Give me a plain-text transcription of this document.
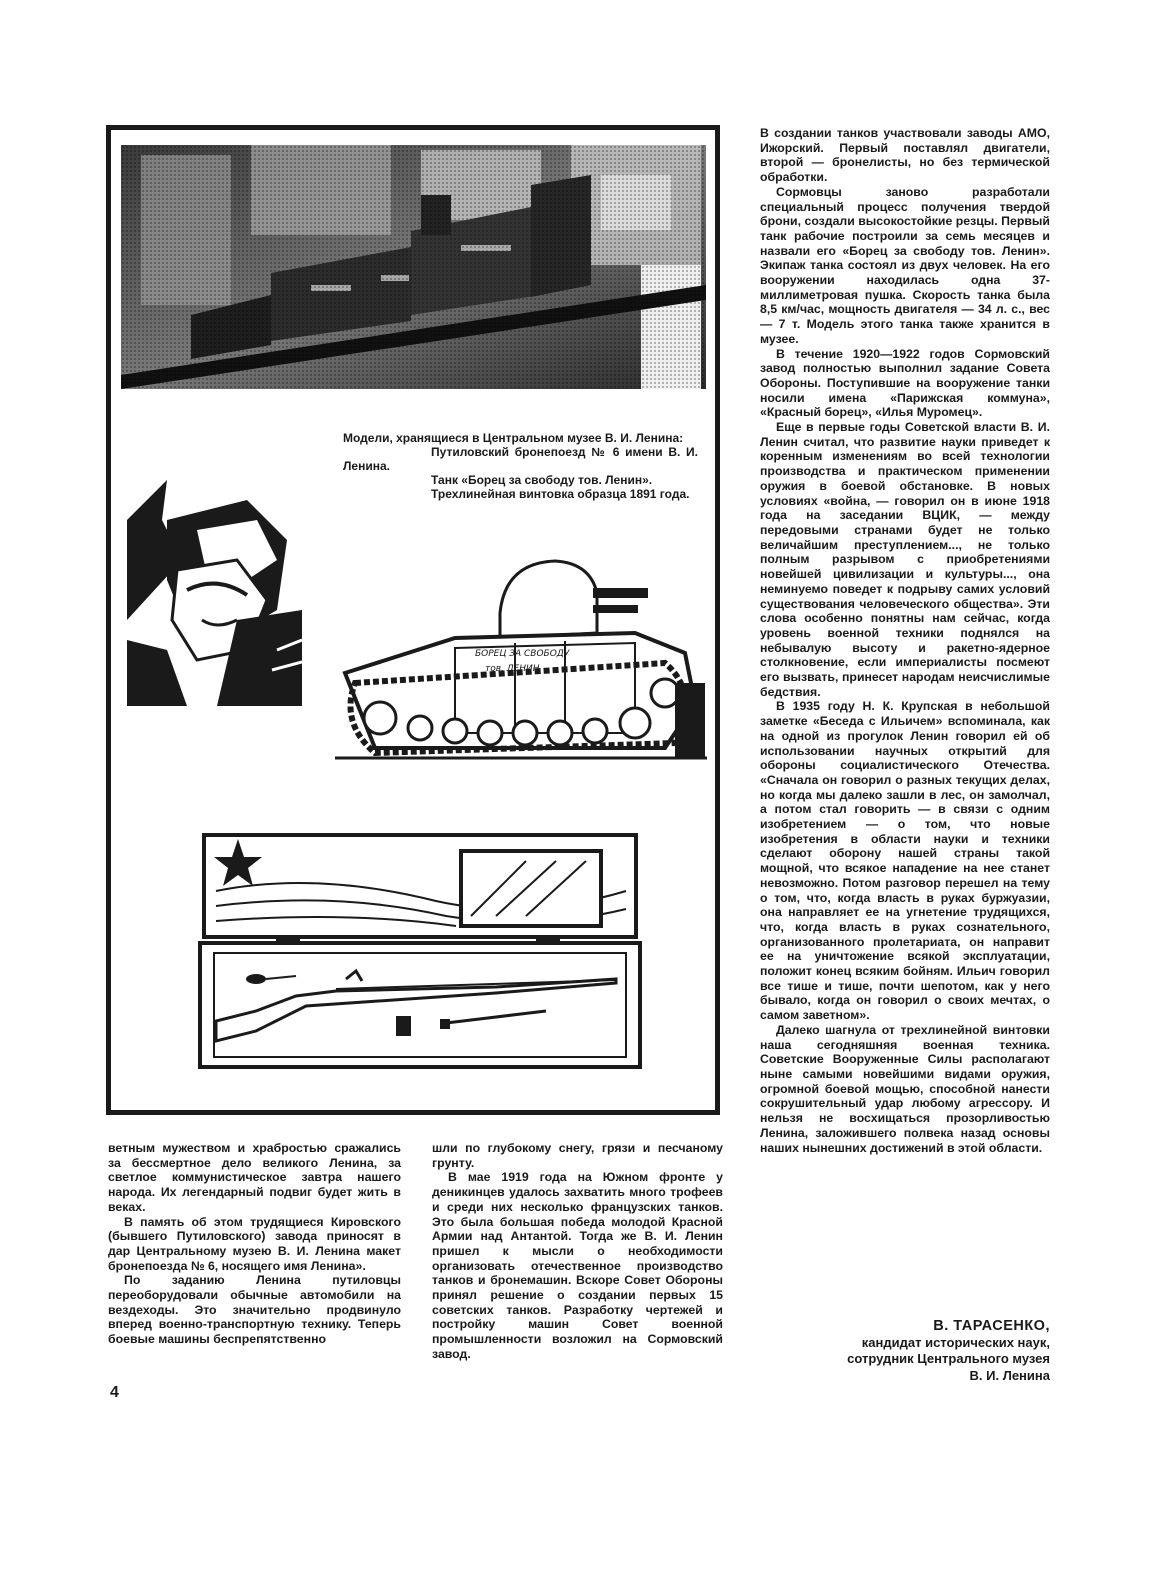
Модели, хранящиеся в Центральном музее В. И. Ленина:
Путиловский бронепоезд № 6 имени В. И. Ленина.
Танк «Борец за свободу тов. Ленин».
Трехлинейная винтовка образца 1891 года.
БОРЕЦ ЗА СВОБОДУ
тов. ЛЕНИН

В создании танков участвовали заводы АМО, Ижорский. Первый поставлял двигатели, второй — бронелисты, но без термической обработки.

Сормовцы заново разработали специальный процесс получения твердой брони, создали высокостойкие резцы. Первый танк рабочие построили за семь месяцев и назвали его «Борец за свободу тов. Ленин». Экипаж танка состоял из двух человек. На его вооружении находилась одна 37-миллиметровая пушка. Скорость танка была 8,5 км/час, мощность двигателя — 34 л. с., вес — 7 т. Модель этого танка также хранится в музее.

В течение 1920—1922 годов Сормовский завод полностью выполнил задание Совета Обороны. Поступившие на вооружение танки носили имена «Парижская коммуна», «Красный борец», «Илья Муромец».

Еще в первые годы Советской власти В. И. Ленин считал, что развитие науки приведет к коренным изменениям во всей технологии производства и практическом применении оружия в боевой обстановке. В новых условиях «война, — говорил он в июне 1918 года на заседании ВЦИК, — между передовыми странами будет не только величайшим преступлением..., не только полным разрывом с приобретениями новейшей цивилизации и культуры..., она неминуемо поведет к подрыву самих условий существования человеческого общества». Эти слова особенно понятны нам сейчас, когда уровень военной техники поднялся на небывалую высоту и ракетно-ядерное столкновение, если империалисты посмеют его вызвать, принесет народам неисчислимые бедствия.

В 1935 году Н. К. Крупская в небольшой заметке «Беседа с Ильичем» вспоминала, как на одной из прогулок Ленин говорил ей об использовании научных открытий для обороны социалистического Отечества. «Сначала он говорил о разных текущих делах, но когда мы далеко зашли в лес, он замолчал, а потом стал говорить — в связи с одним изобретением — о том, что новые изобретения в области науки и техники сделают оборону нашей страны такой мощной, что всякое нападение на нее станет невозможно. Потом разговор перешел на тему о том, что, когда власть в руках буржуазии, она направляет ее на угнетение трудящихся, что, когда власть в руках сознательного, организованного пролетариата, он направит ее на уничтожение всякой эксплуатации, положит конец всяким бойням. Ильич говорил все тише и тише, почти шепотом, как у него бывало, когда он говорил о своих мечтах, о самом заветном».

Далеко шагнула от трехлинейной винтовки наша сегодняшняя военная техника. Советские Вооруженные Силы располагают ныне самыми новейшими видами оружия, огромной боевой мощью, способной нанести сокрушительный удар любому агрессору. И нельзя не восхищаться прозорливостью Ленина, заложившего полвека назад основы наших нынешних достижений в этой области.

В. ТАРАСЕНКО,
кандидат исторических наук,
сотрудник Центрального музея
В. И. Ленина

ветным мужеством и храбростью сражались за бессмертное дело великого Ленина, за светлое коммунистическое завтра нашего народа. Их легендарный подвиг будет жить в веках.

В память об этом трудящиеся Кировского (бывшего Путиловского) завода приносят в дар Центральному музею В. И. Ленина макет бронепоезда № 6, носящего имя Ленина».

По заданию Ленина путиловцы переоборудовали обычные автомобили на вездеходы. Это значительно продвинуло вперед военно-транспортную технику. Теперь боевые машины беспрепятственно

шли по глубокому снегу, грязи и песчаному грунту.

В мае 1919 года на Южном фронте у деникинцев удалось захватить много трофеев и среди них несколько французских танков. Это была большая победа молодой Красной Армии над Антантой. Тогда же В. И. Ленин пришел к мысли о необходимости организовать отечественное производство танков и бронемашин. Вскоре Совет Обороны принял решение о создании первых 15 советских танков. Разработку чертежей и постройку машин Совет военной промышленности возложил на Сормовский завод.

4
